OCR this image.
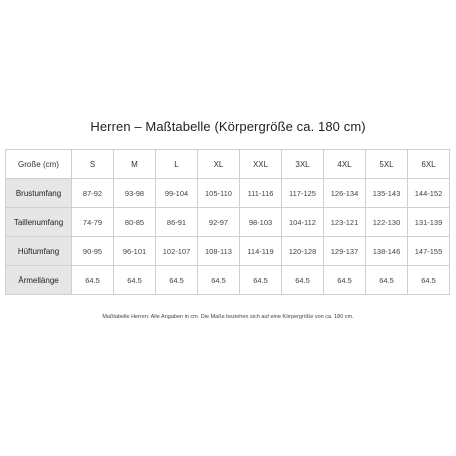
Herren – Maßtabelle (Körpergröße ca. 180 cm)
Große (cm)	S	M	L	XL	XXL	3XL	4XL	5XL	6XL
Brustumfang	87-92	93-98	99-104	105-110	111-116	117-125	126-134	135-143	144-152
Taillenumfang	74-79	80-85	86-91	92-97	98-103	104-112	123-121	122-130	131-139
Hüftumfang	90-95	96-101	102-107	108-113	114-119	120-128	129-137	138-146	147-155
Ärmellänge	64.5	64.5	64.5	64.5	64.5	64.5	64.5	64.5	64.5
Maßtabelle Herren: Alle Angaben in cm. Die Maße beziehen sich auf eine Körpergröße von ca. 180 cm.
